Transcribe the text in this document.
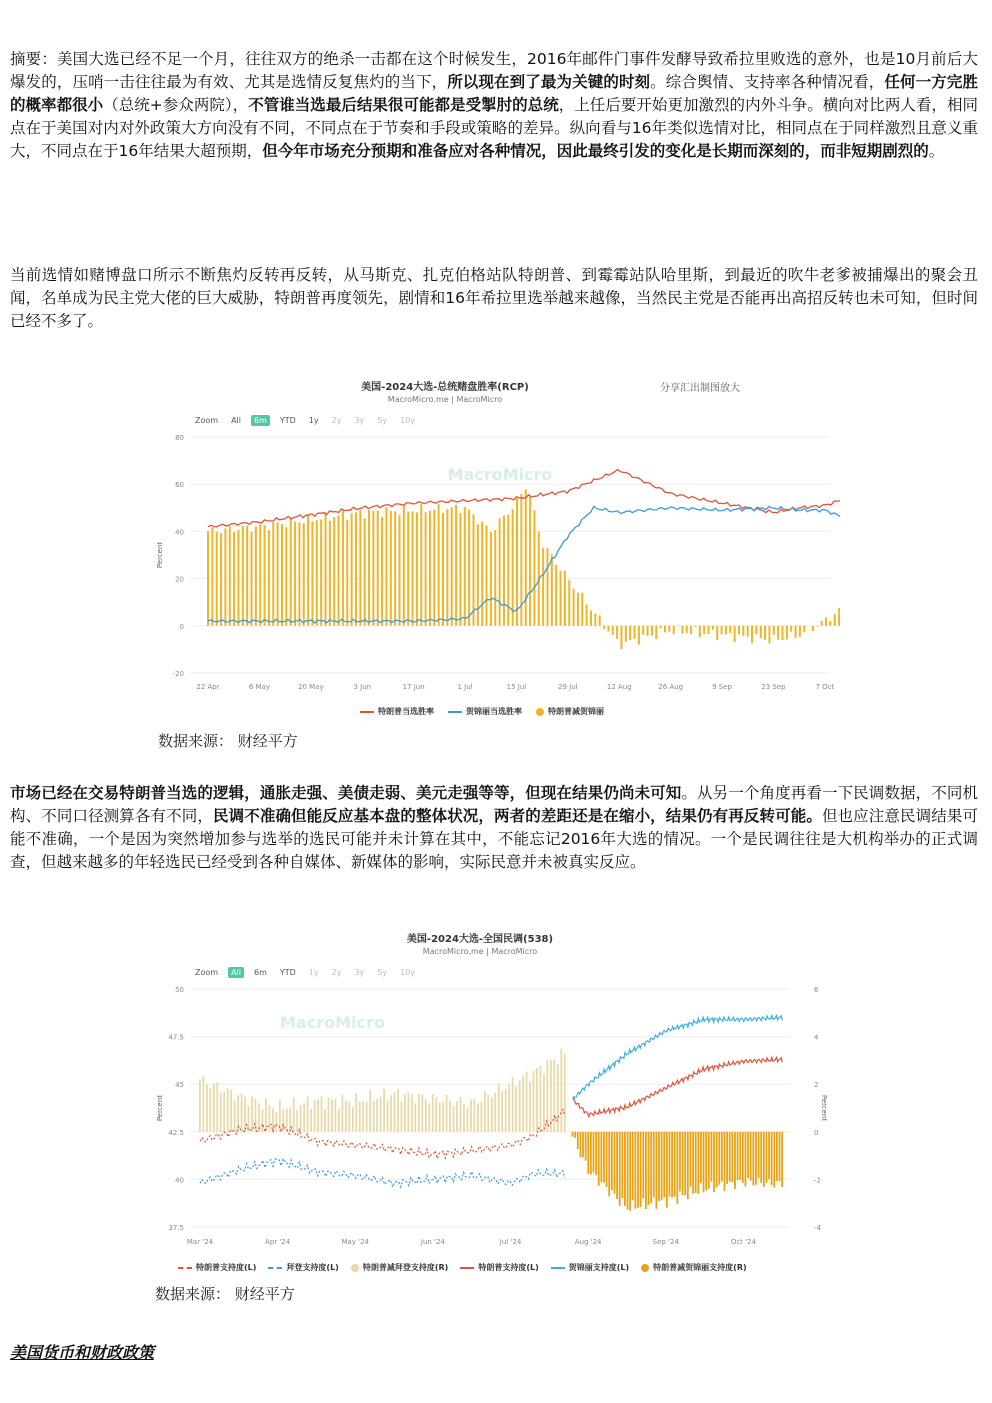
摘要：美国大选已经不足一个月，往往双方的绝杀一击都在这个时候发生，2016年邮件门事件发酵导致希拉里败选的意外，也是10月前后大爆发的，压哨一击往往最为有效、尤其是选情反复焦灼的当下，所以现在到了最为关键的时刻。综合舆情、支持率各种情况看，任何一方完胜的概率都很小（总统+参众两院），不管谁当选最后结果很可能都是受掣肘的总统，上任后要开始更加激烈的内外斗争。横向对比两人看，相同点在于美国对内对外政策大方向没有不同，不同点在于节奏和手段或策略的差异。纵向看与16年类似选情对比，相同点在于同样激烈且意义重大，不同点在于16年结果大超预期，但今年市场充分预期和准备应对各种情况，因此最终引发的变化是长期而深刻的，而非短期剧烈的。

当前选情如赌博盘口所示不断焦灼反转再反转，从马斯克、扎克伯格站队特朗普、到霉霉站队哈里斯，到最近的吹牛老爹被捕爆出的聚会丑闻，名单成为民主党大佬的巨大威胁，特朗普再度领先，剧情和16年希拉里选举越来越像，当然民主党是否能再出高招反转也未可知，但时间已经不多了。

美国-2024大选-总统赌盘胜率(RCP)
MacroMicro.me | MacroMicro
分享汇出制图放大
Zoom	All	6m	YTD	1y	2y	3y	5y	10y
MacroMicro
80
60
40
20
0
-20
Percent
22 Apr	6 May	20 May	3 Jun	17 Jun	1 Jul	15 Jul	29 Jul	12 Aug	26 Aug	9 Sep	23 Sep	7 Oct
特朗普当选胜率	贺锦丽当选胜率	特朗普减贺锦丽
数据来源： 财经平方

市场已经在交易特朗普当选的逻辑，通胀走强、美债走弱、美元走强等等，但现在结果仍尚未可知。从另一个角度再看一下民调数据，不同机构、不同口径测算各有不同，民调不准确但能反应基本盘的整体状况，两者的差距还是在缩小，结果仍有再反转可能。但也应注意民调结果可能不准确，一个是因为突然增加参与选举的选民可能并未计算在其中，不能忘记2016年大选的情况。一个是民调往往是大机构举办的正式调查，但越来越多的年轻选民已经受到各种自媒体、新媒体的影响，实际民意并未被真实反应。

美国-2024大选-全国民调(538)
MacroMicro.me | MacroMicro
Zoom	All	6m	YTD	1y	2y	3y	5y	10y
MacroMicro
50
47.5
45
42.5
40
37.5
6
4
2
0
-2
-4
Percent	Percent
Mar '24	Apr '24	May '24	Jun '24	Jul '24	Aug '24	Sep '24	Oct '24
特朗普支持度(L)	拜登支持度(L)	特朗普减拜登支持度(R)	特朗普支持度(L)	贺锦丽支持度(L)	特朗普减贺锦丽支持度(R)
数据来源： 财经平方
美国货币和财政政策
